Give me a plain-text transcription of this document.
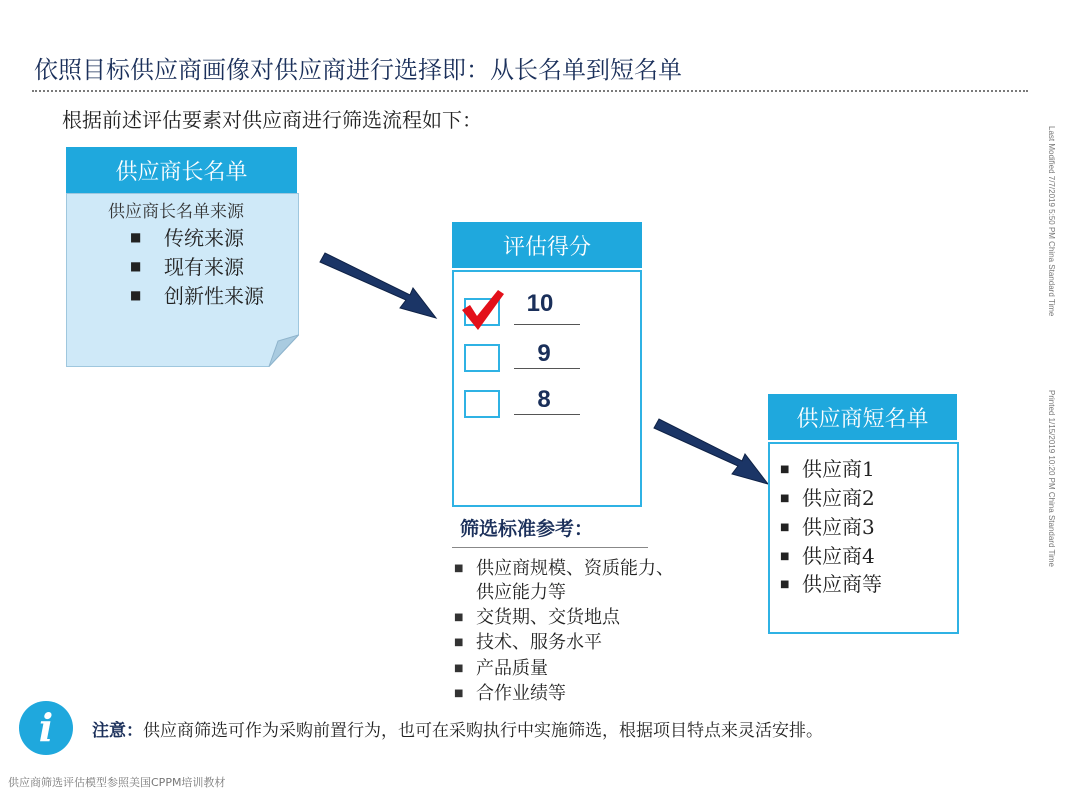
依照目标供应商画像对供应商进行选择即：从长名单到短名单
根据前述评估要素对供应商进行筛选流程如下：
Last Modified 7/7/2019 5:50 PM China Standard Time
Printed 1/15/2019 10:20 PM China Standard Time
供应商长名单
供应商长名单来源
■ 传统来源
■ 现有来源
■ 创新性来源
评估得分
10
9
8
筛选标准参考：
■ 供应商规模、资质能力、
供应能力等
■ 交货期、交货地点
■ 技术、服务水平
■ 产品质量
■ 合作业绩等
供应商短名单
■ 供应商1
■ 供应商2
■ 供应商3
■ 供应商4
■ 供应商等
i	注意：供应商筛选可作为采购前置行为，也可在采购执行中实施筛选，根据项目特点来灵活安排。
供应商筛选评估模型参照美国CPPM培训教材
